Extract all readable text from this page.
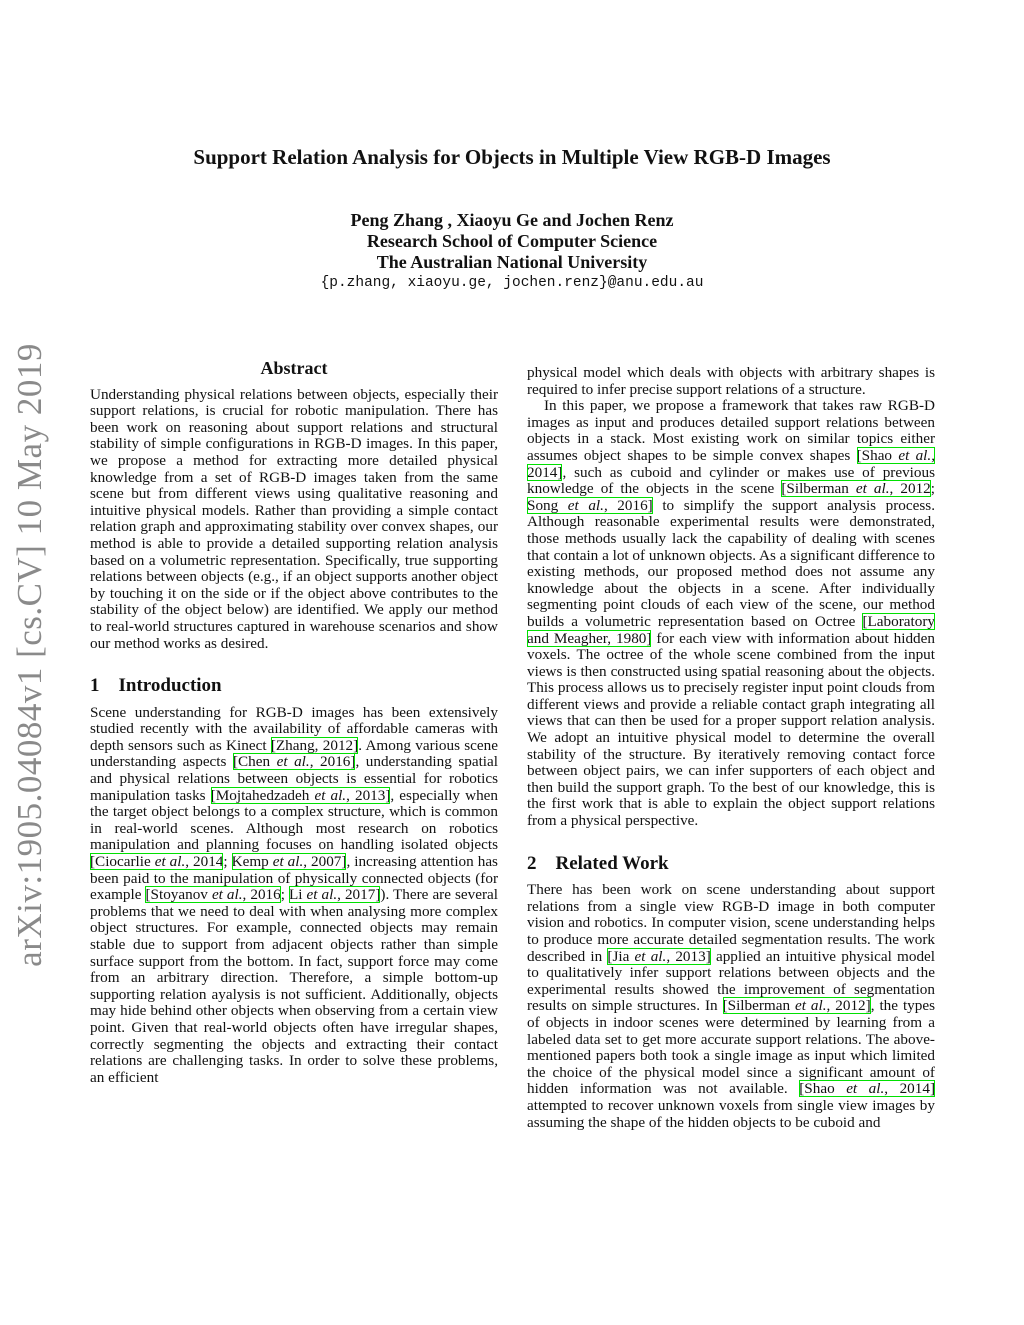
arXiv:1905.04084v1 [cs.CV] 10 May 2019
Support Relation Analysis for Objects in Multiple View RGB-D Images
Peng Zhang , Xiaoyu Ge and Jochen Renz
Research School of Computer Science
The Australian National University
{p.zhang, xiaoyu.ge, jochen.renz}@anu.edu.au
Abstract

Understanding physical relations between objects, especially their support relations, is crucial for robotic manipulation. There has been work on reasoning about support relations and structural stability of simple configurations in RGB-D images. In this paper, we propose a method for extracting more detailed physical knowledge from a set of RGB-D images taken from the same scene but from different views using qualitative reasoning and intuitive physical models. Rather than providing a simple contact relation graph and approximating stability over convex shapes, our method is able to provide a detailed supporting relation analysis based on a volumetric representation. Specifically, true supporting relations between objects (e.g., if an object supports another object by touching it on the side or if the object above contributes to the stability of the object below) are identified. We apply our method to real-world structures captured in warehouse scenarios and show our method works as desired.

1 Introduction

Scene understanding for RGB-D images has been extensively studied recently with the availability of affordable cameras with depth sensors such as Kinect [Zhang, 2012]. Among various scene understanding aspects [Chen et al., 2016], understanding spatial and physical relations between objects is essential for robotics manipulation tasks [Mojtahedzadeh et al., 2013], especially when the target object belongs to a complex structure, which is common in real-world scenes. Although most research on robotics manipulation and planning focuses on handling isolated objects [Ciocarlie et al., 2014; Kemp et al., 2007], increasing attention has been paid to the manipulation of physically connected objects (for example [Stoyanov et al., 2016; Li et al., 2017]). There are several problems that we need to deal with when analysing more complex object structures. For example, connected objects may remain stable due to support from adjacent objects rather than simple surface support from the bottom. In fact, support force may come from an arbitrary direction. Therefore, a simple bottom-up supporting relation ayalysis is not sufficient. Additionally, objects may hide behind other objects when observing from a certain view point. Given that real-world objects often have irregular shapes, correctly segmenting the objects and extracting their contact relations are challenging tasks. In order to solve these problems, an efficient

physical model which deals with objects with arbitrary shapes is required to infer precise support relations of a structure.

In this paper, we propose a framework that takes raw RGB-D images as input and produces detailed support relations between objects in a stack. Most existing work on similar topics either assumes object shapes to be simple convex shapes [Shao et al., 2014], such as cuboid and cylinder or makes use of previous knowledge of the objects in the scene [Silberman et al., 2012; Song et al., 2016] to simplify the support analysis process. Although reasonable experimental results were demonstrated, those methods usually lack the capability of dealing with scenes that contain a lot of unknown objects. As a significant difference to existing methods, our proposed method does not assume any knowledge about the objects in a scene. After individually segmenting point clouds of each view of the scene, our method builds a volumetric representation based on Octree [Laboratory and Meagher, 1980] for each view with information about hidden voxels. The octree of the whole scene combined from the input views is then constructed using spatial reasoning about the objects. This process allows us to precisely register input point clouds from different views and provide a reliable contact graph integrating all views that can then be used for a proper support relation analysis. We adopt an intuitive physical model to determine the overall stability of the structure. By iteratively removing contact force between object pairs, we can infer supporters of each object and then build the support graph. To the best of our knowledge, this is the first work that is able to explain the object support relations from a physical perspective.

2 Related Work

There has been work on scene understanding about support relations from a single view RGB-D image in both computer vision and robotics. In computer vision, scene understanding helps to produce more accurate detailed segmentation results. The work described in [Jia et al., 2013] applied an intuitive physical model to qualitatively infer support relations between objects and the experimental results showed the improvement of segmentation results on simple structures. In [Silberman et al., 2012], the types of objects in indoor scenes were determined by learning from a labeled data set to get more accurate support relations. The above-mentioned papers both took a single image as input which limited the choice of the physical model since a significant amount of hidden information was not available. [Shao et al., 2014] attempted to recover unknown voxels from single view images by assuming the shape of the hidden objects to be cuboid and
